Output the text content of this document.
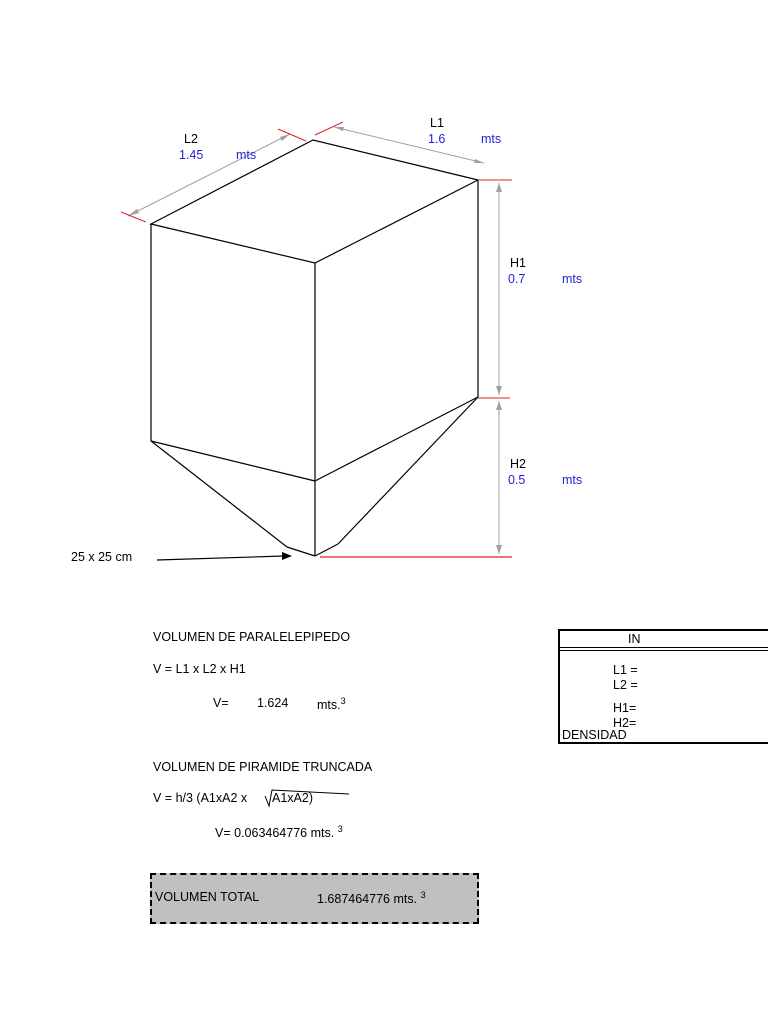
L2
1.45	mts
L1
1.6	mts
H1
0.7	mts
H2
0.5	mts
25 x 25 cm
VOLUMEN DE PARALELEPIPEDO
V = L1 x L2 x H1
V= 1.624 mts.$^3$
VOLUMEN DE PIRAMIDE TRUNCADA
V = h/3 (A1xA2 x A1xA2)
V= 0.063464776 mts. $^3$
VOLUMEN TOTAL	1.687464776 mts. $^3$
IN
L1 =
L2 =
H1=
H2=
DENSIDAD
